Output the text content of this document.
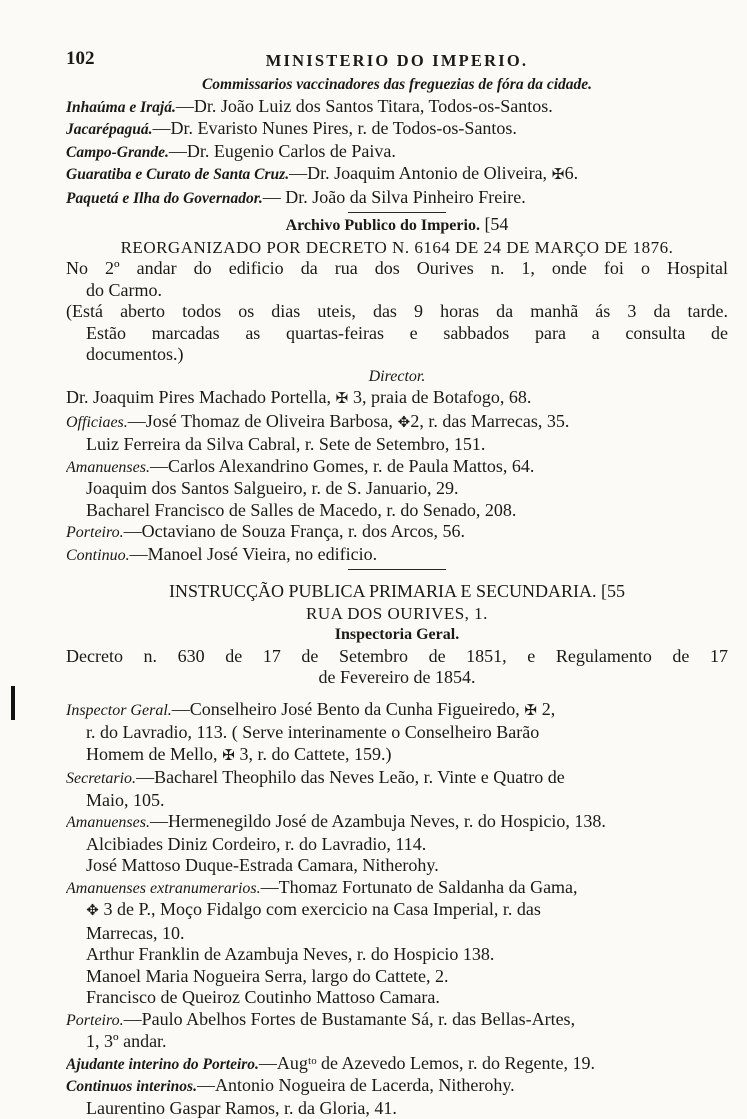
102	MINISTERIO DO IMPERIO.
Commissarios vaccinadores das freguezias de fóra da cidade.
Inhaúma e Irajá.—Dr. João Luiz dos Santos Titara, Todos-os-Santos.
Jacarépaguá.—Dr. Evaristo Nunes Pires, r. de Todos-os-Santos.
Campo-Grande.—Dr. Eugenio Carlos de Paiva.
Guaratiba e Curato de Santa Cruz.—Dr. Joaquim Antonio de Oliveira, ✠6.
Paquetá e Ilha do Governador.— Dr. João da Silva Pinheiro Freire.
Archivo Publico do Imperio. [54
REORGANIZADO POR DECRETO N. 6164 DE 24 DE MARÇO DE 1876.
No 2º andar do edificio da rua dos Ourives n. 1, onde foi o Hospital
do Carmo.
(Está aberto todos os dias uteis, das 9 horas da manhã ás 3 da tarde.
Estão marcadas as quartas-feiras e sabbados para a consulta de
documentos.)
Director.
Dr. Joaquim Pires Machado Portella, ✠ 3, praia de Botafogo, 68.
Officiaes.—José Thomaz de Oliveira Barbosa, ✥2, r. das Marrecas, 35.
Luiz Ferreira da Silva Cabral, r. Sete de Setembro, 151.
Amanuenses.—Carlos Alexandrino Gomes, r. de Paula Mattos, 64.
Joaquim dos Santos Salgueiro, r. de S. Januario, 29.
Bacharel Francisco de Salles de Macedo, r. do Senado, 208.
Porteiro.—Octaviano de Souza França, r. dos Arcos, 56.
Continuo.—Manoel José Vieira, no edificio.
INSTRUCÇÃO PUBLICA PRIMARIA E SECUNDARIA. [55
RUA DOS OURIVES, 1.
Inspectoria Geral.
Decreto n. 630 de 17 de Setembro de 1851, e Regulamento de 17
de Fevereiro de 1854.
Inspector Geral.—Conselheiro José Bento da Cunha Figueiredo, ✠ 2,
r. do Lavradio, 113. ( Serve interinamente o Conselheiro Barão
Homem de Mello, ✠ 3, r. do Cattete, 159.)
Secretario.—Bacharel Theophilo das Neves Leão, r. Vinte e Quatro de
Maio, 105.
Amanuenses.—Hermenegildo José de Azambuja Neves, r. do Hospicio, 138.
Alcibiades Diniz Cordeiro, r. do Lavradio, 114.
José Mattoso Duque-Estrada Camara, Nitherohy.
Amanuenses extranumerarios.—Thomaz Fortunato de Saldanha da Gama,
✥ 3 de P., Moço Fidalgo com exercicio na Casa Imperial, r. das
Marrecas, 10.
Arthur Franklin de Azambuja Neves, r. do Hospicio 138.
Manoel Maria Nogueira Serra, largo do Cattete, 2.
Francisco de Queiroz Coutinho Mattoso Camara.
Porteiro.—Paulo Abelhos Fortes de Bustamante Sá, r. das Bellas-Artes,
1, 3º andar.
Ajudante interino do Porteiro.—Augᵗᵒ de Azevedo Lemos, r. do Regente, 19.
Continuos interinos.—Antonio Nogueira de Lacerda, Nitherohy.
Laurentino Gaspar Ramos, r. da Gloria, 41.
